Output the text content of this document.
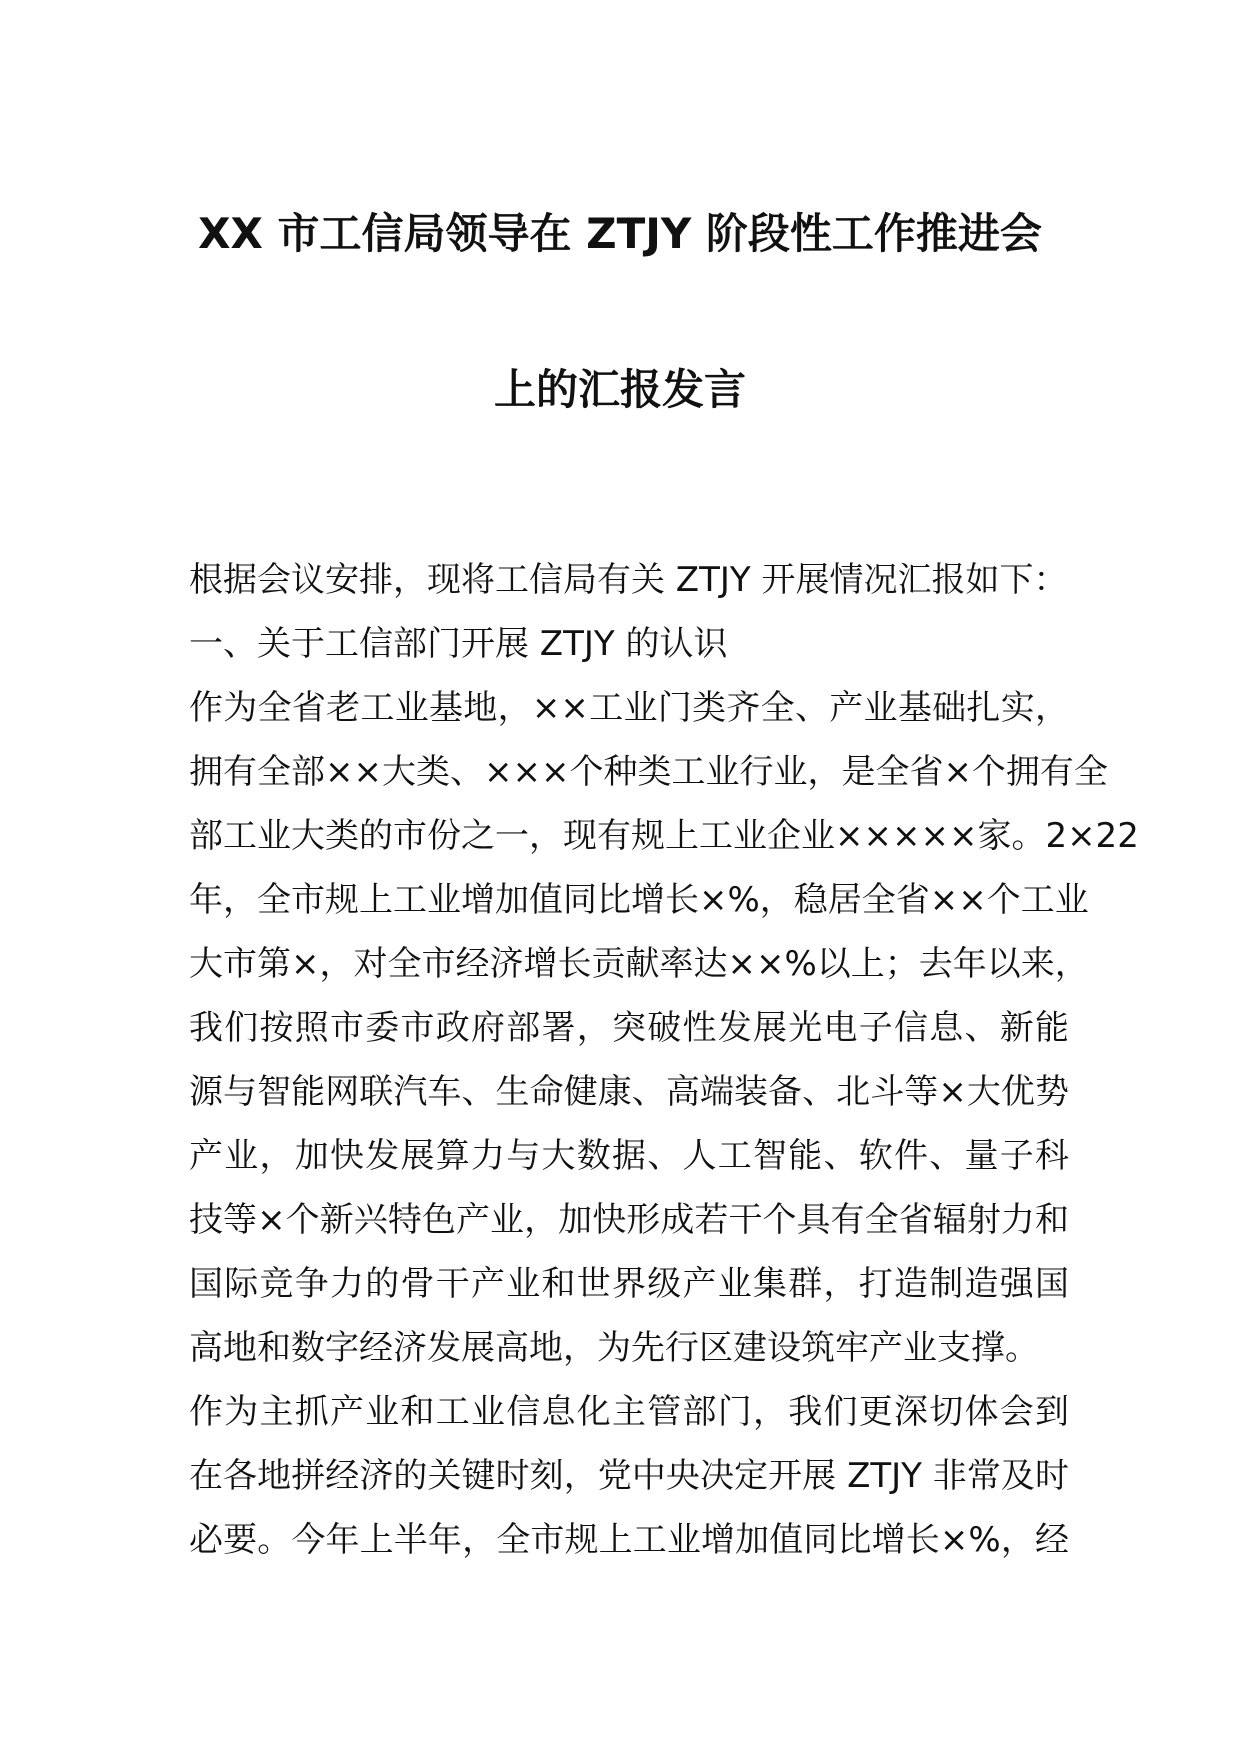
XX 市工信局领导在 ZTJY 阶段性工作推进会
上的汇报发言
根据会议安排，现将工信局有关 ZTJY 开展情况汇报如下：
一、关于工信部门开展 ZTJY 的认识
作为全省老工业基地，××工业门类齐全、产业基础扎实，
拥有全部××大类、×××个种类工业行业，是全省×个拥有全
部工业大类的市份之一，现有规上工业企业×××××家。2×22
年，全市规上工业增加值同比增长×%，稳居全省××个工业
大市第×，对全市经济增长贡献率达××%以上；去年以来，
我们按照市委市政府部署，突破性发展光电子信息、新能
源与智能网联汽车、生命健康、高端装备、北斗等×大优势
产业，加快发展算力与大数据、人工智能、软件、量子科
技等×个新兴特色产业，加快形成若干个具有全省辐射力和
国际竞争力的骨干产业和世界级产业集群，打造制造强国
高地和数字经济发展高地，为先行区建设筑牢产业支撑。
作为主抓产业和工业信息化主管部门，我们更深切体会到
在各地拼经济的关键时刻，党中央决定开展 ZTJY 非常及时
必要。今年上半年，全市规上工业增加值同比增长×%，经
